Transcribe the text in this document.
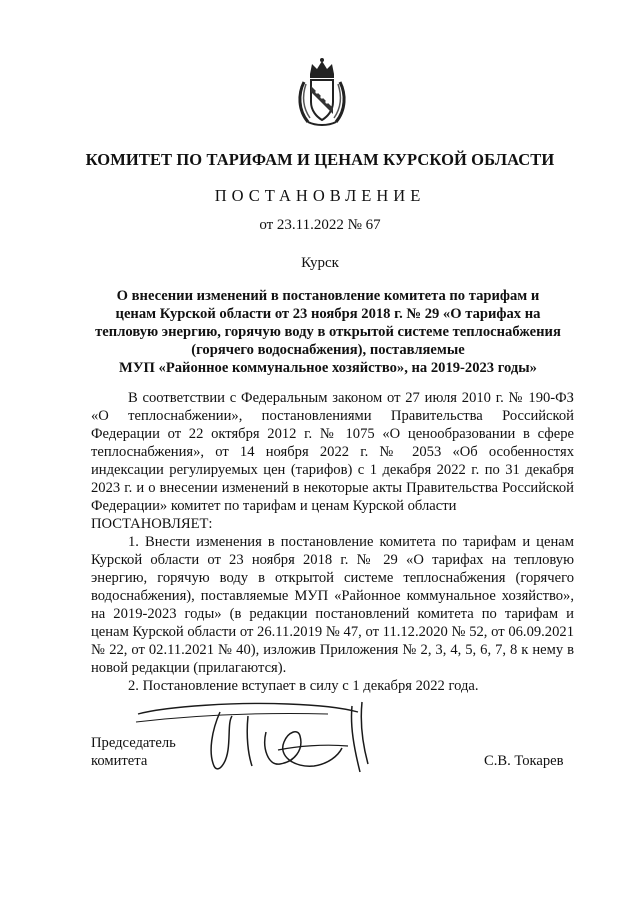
КОМИТЕТ ПО ТАРИФАМ И ЦЕНАМ КУРСКОЙ ОБЛАСТИ
ПОСТАНОВЛЕНИЕ
от 23.11.2022 № 67
Курск
О внесении изменений в постановление комитета по тарифам и
ценам Курской области от 23 ноября 2018 г. № 29 «О тарифах на
тепловую энергию, горячую воду в открытой системе теплоснабжения
(горячего водоснабжения), поставляемые
МУП «Районное коммунальное хозяйство», на 2019-2023 годы»

В соответствии с Федеральным законом от 27 июля 2010 г. № 190-ФЗ «О теплоснабжении», постановлениями Правительства Российской Федерации от 22 октября 2012 г. № 1075 «О ценообразовании в сфере теплоснабжения», от 14 ноября 2022 г. № 2053 «Об особенностях индексации регулируемых цен (тарифов) с 1 декабря 2022 г. по 31 декабря 2023 г. и о внесении изменений в некоторые акты Правительства Российской Федерации» комитет по тарифам и ценам Курской области

ПОСТАНОВЛЯЕТ:

1. Внести изменения в постановление комитета по тарифам и ценам Курской области от 23 ноября 2018 г. № 29 «О тарифах на тепловую энергию, горячую воду в открытой системе теплоснабжения (горячего водоснабжения), поставляемые МУП «Районное коммунальное хозяйство», на 2019-2023 годы» (в редакции постановлений комитета по тарифам и ценам Курской области от 26.11.2019 № 47, от 11.12.2020 № 52, от 06.09.2021 № 22, от 02.11.2021 № 40), изложив Приложения № 2, 3, 4, 5, 6, 7, 8 к нему в новой редакции (прилагаются).

2. Постановление вступает в силу с 1 декабря 2022 года.

Председатель
комитета	С.В. Токарев
